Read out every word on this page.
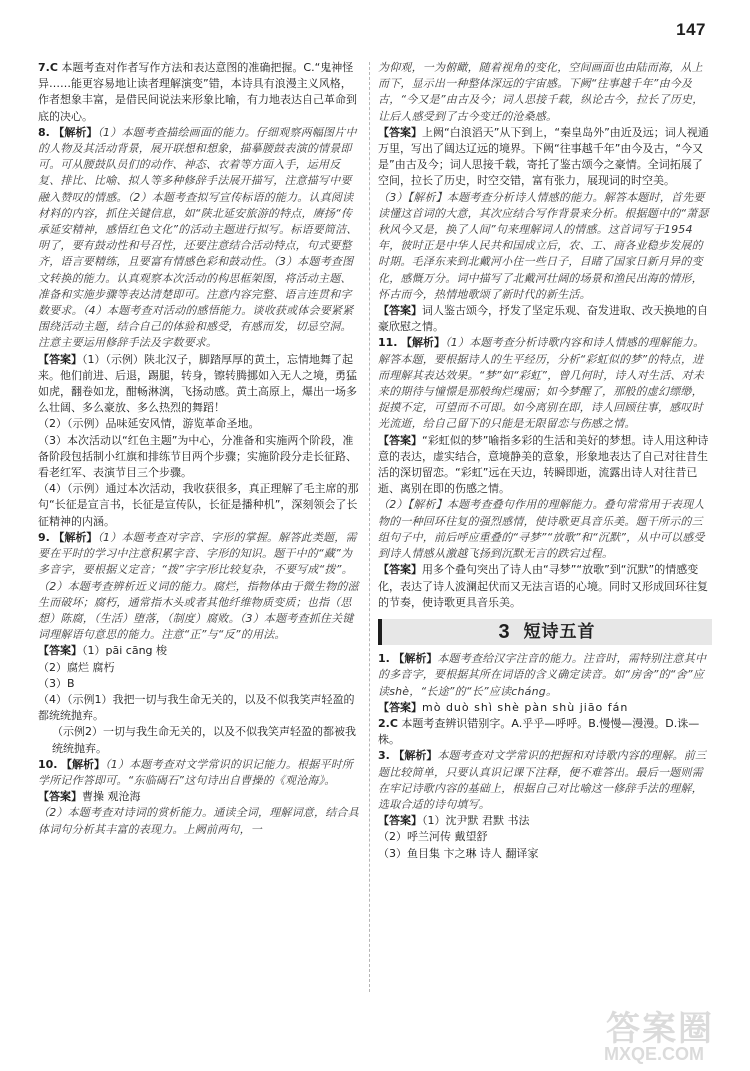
147

7.C 本题考查对作者写作方法和表达意图的准确把握。C.“鬼神怪异……能更容易地让读者理解演变”错，本诗具有浪漫主义风格，作者想象丰富，是借民间说法来形象比喻，有力地表达自己革命到底的决心。

8. 【解析】（1）本题考查描绘画面的能力。仔细观察两幅图片中的人物及其活动背景，展开联想和想象，描摹腰鼓表演的情景即可。可从腰鼓队员们的动作、神态、衣着等方面入手，运用反复、排比、比喻、拟人等多种修辞手法展开描写，注意描写中要融入赞叹的情感。（2）本题考查拟写宣传标语的能力。认真阅读材料的内容，抓住关键信息，如“陕北延安旅游的特点，赓扬“传承延安精神，感悟红色文化”的活动主题进行拟写。标语要简洁、明了，要有鼓动性和号召性，还要注意结合活动特点，句式要整齐，语言要精练，且要富有情感色彩和鼓动性。（3）本题考查图文转换的能力。认真观察本次活动的构思框架图，将活动主题、准备和实施步骤等表达清楚即可。注意内容完整、语言连贯和字数要求。（4）本题考查对活动的感悟能力。谈收获或体会要紧紧围绕活动主题，结合自己的体验和感受，有感而发，切忌空洞。注意主要运用修辞手法及字数要求。

【答案】（1）（示例）陕北汉子，脚踏厚厚的黄土，忘情地舞了起来。他们前进、后退，踢腿，转身，镲转腾挪如入无人之境，勇猛如虎，翻卷如龙，酣畅淋漓，飞扬动感。黄土高原上，爆出一场多么壮阔、多么豪放、多么热烈的舞蹈！

（2）（示例）品味延安风情，游览革命圣地。

（3）本次活动以“红色主题”为中心，分准备和实施两个阶段，准备阶段包括制小红旗和排练节目两个步骤；实施阶段分走长征路、看老红军、表演节目三个步骤。

（4）（示例）通过本次活动，我收获很多，真正理解了毛主席的那句“长征是宣言书，长征是宣传队，长征是播种机”，深刻领会了长征精神的内涵。

9. 【解析】（1）本题考查对字音、字形的掌握。解答此类题，需要在平时的学习中注意积累字音、字形的知识。题干中的“藏”为多音字，要根据义定音；“拨”字字形比较复杂，不要写成“拨”。（2）本题考查辨析近义词的能力。腐烂，指物体由于微生物的滋生而破坏；腐朽，通常指木头或者其他纤维物质变质；也指（思想）陈腐，（生活）堕落，（制度）腐败。（3）本题考查抓住关键词理解语句意思的能力。注意“正”与“反”的用法。

【答案】（1）pāi cāng 梭

（2）腐烂 腐朽

（3）B

（4）（示例1）我把一切与我生命无关的，以及不似我笑声轻盈的都统统抛弃。

（示例2）一切与我生命无关的，以及不似我笑声轻盈的都被我统统抛弃。

10. 【解析】（1）本题考查对文学常识的识记能力。根据平时所学所记作答即可。“东临碣石”这句诗出自曹操的《观沧海》。

【答案】曹操 观沧海

（2）本题考查对诗词的赏析能力。通读全词，理解词意，结合具体词句分析其丰富的表现力。上阙前两句，一

为仰观，一为俯瞰，随着视角的变化，空间画面也由陆而海，从上而下，显示出一种整体深远的宇宙感。下阙“往事越千年”由今及古，“今又是”由古及今；词人思接千载，纵论古今，拉长了历史，让后人感受到了古今变迁的沧桑感。

【答案】上阙“白浪滔天”从下到上，“秦皇岛外”由近及远；词人视通万里，写出了阔达辽远的境界。下阙“往事越千年”由今及古，“今又是”由古及今；词人思接千载，寄托了鉴古颂今之豪情。全词拓展了空间，拉长了历史，时空交错，富有张力，展现词的时空美。

（3）【解析】本题考查分析诗人情感的能力。解答本题时，首先要读懂这首词的大意，其次应结合写作背景来分析。根据题中的“萧瑟秋风今又是，换了人间”句来理解词人的情感。这首词写于1954年，彼时正是中华人民共和国成立后，农、工、商各业稳步发展的时期。毛泽东来到北戴河小住一些日子，目睹了国家日新月异的变化，感慨万分。词中描写了北戴河壮阔的场景和渔民出海的情形，怀古而今，热情地歌颂了新时代的新生活。

【答案】词人鉴古颂今，抒发了坚定乐观、奋发进取、改天换地的自豪欣慰之情。

11. 【解析】（1）本题考查分析诗歌内容和诗人情感的理解能力。解答本题，要根据诗人的生平经历，分析“彩虹似的梦”的特点，进而理解其表达效果。“梦”如“彩虹”，曾几何时，诗人对生活、对未来的期待与憧憬是那般绚烂瑰丽；如今梦醒了，那般的虚幻缥缈，捉摸不定，可望而不可即。如今离别在即，诗人回顾往事，感叹时光流逝，给自己留下的只能是无限留恋与伤感之情。

【答案】“彩虹似的梦”喻指多彩的生活和美好的梦想。诗人用这种诗意的表达，虚实结合，意境静美的意象，形象地表达了自己对往昔生活的深切留恋。“彩虹”远在天边，转瞬即逝，流露出诗人对往昔已逝、离别在即的伤感之情。

（2）【解析】本题考查叠句作用的理解能力。叠句常常用于表现人物的一种回环往复的强烈感情，使诗歌更具音乐美。题干所示的三组句子中，前后呼应重叠的“寻梦”“放歌”和“沉默”，从中可以感受到诗人情感从激越飞扬到沉默无言的跌宕过程。

【答案】用多个叠句突出了诗人由“寻梦”“放歌”到“沉默”的情感变化，表达了诗人波澜起伏而又无法言语的心境。同时又形成回环往复的节奏，使诗歌更具音乐美。

3 短诗五首

1. 【解析】本题考查给汉字注音的能力。注音时，需特别注意其中的多音字，要根据其所在词语的含义确定读音。如“房舍”的“舍”应读shè，“长途”的“长”应读cháng。

【答案】mò duò shì shè pàn shù jiāo fán

2.C 本题考查辨识错别字。A.乎乎—呼呼。B.慢慢—漫漫。D.诛—株。

3. 【解析】本题考查对文学常识的把握和对诗歌内容的理解。前三题比较简单，只要认真识记课下注释，便不难答出。最后一题则需在牢记诗歌内容的基础上，根据自己对比喻这一修辞手法的理解，选取合适的诗句填写。

【答案】（1）沈尹默 君默 书法

（2）呼兰河传 戴望舒

（3）鱼目集 卞之琳 诗人 翻译家

答案圈
MXQE.COM
